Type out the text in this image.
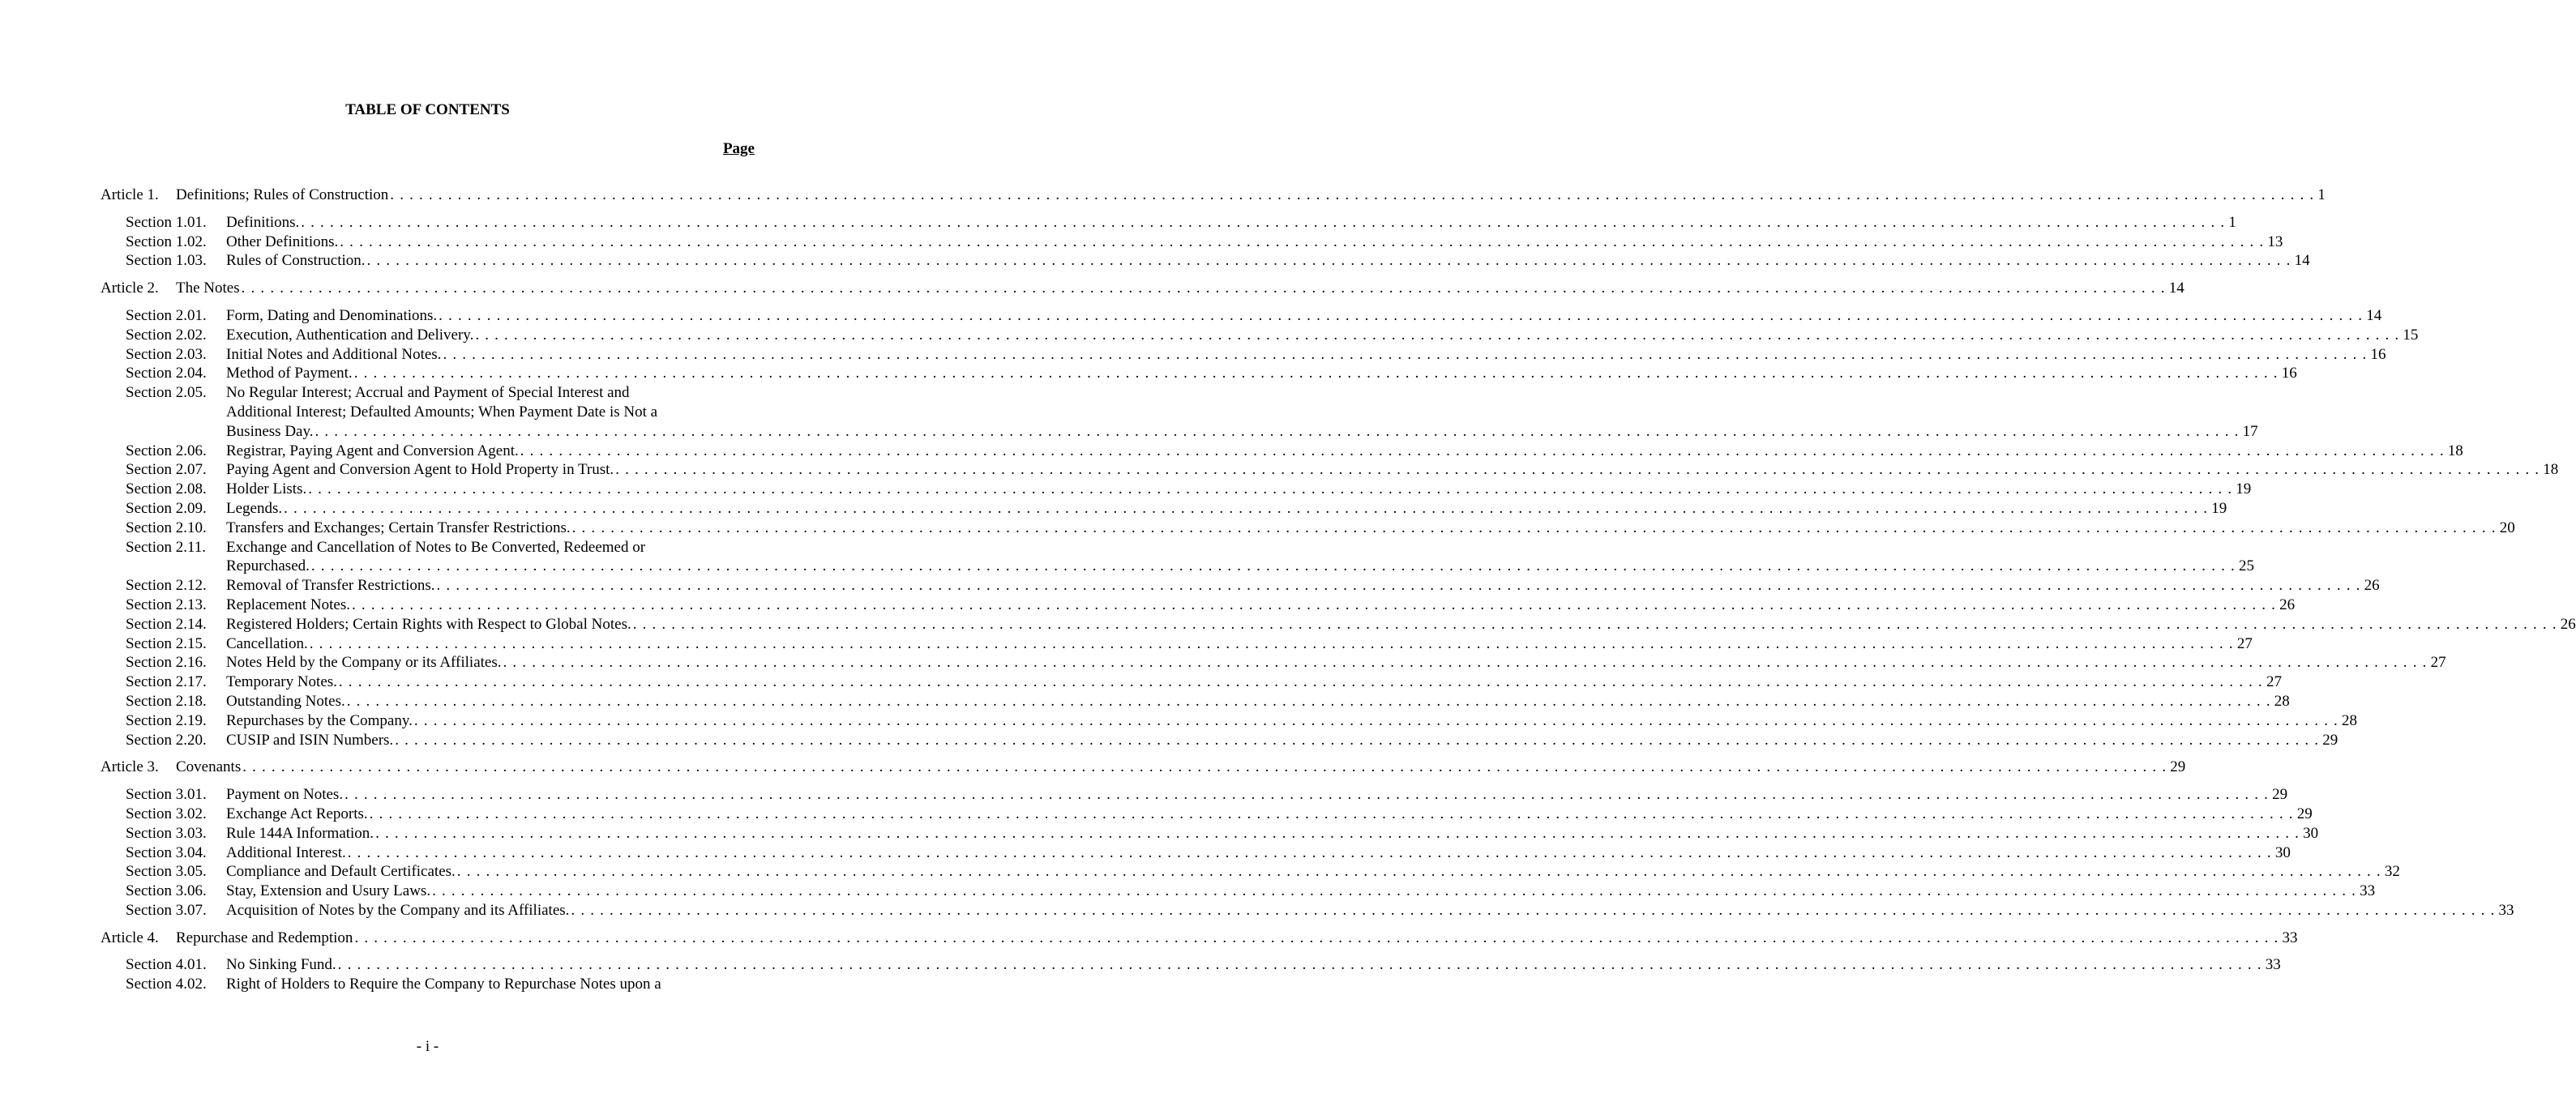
TABLE OF CONTENTS
Page
Article 1.	Definitions; Rules of Construction . . . . . . . . . . . . . . . . . . . . . . . . . . . . . . . . . . . . . . . . . . . . . . . . . . . . . . . . . . . . . . . . . . . . . . . . . . . . . . . . . . . . . . . . . . . . . . . . . . . . . . . . . . . . . . . . . . . . . . . . . . . . . . . . . . . . . . . . . . . . . . . . . . . . . . . . . . . . . . . . . . . . . . . . . . . . . . . . . . . . . . . . . . . . . . . . . . . . . . . . 1
Section 1.01.	Definitions. . . . . . . . . . . . . . . . . . . . . . . . . . . . . . . . . . . . . . . . . . . . . . . . . . . . . . . . . . . . . . . . . . . . . . . . . . . . . . . . . . . . . . . . . . . . . . . . . . . . . . . . . . . . . . . . . . . . . . . . . . . . . . . . . . . . . . . . . . . . . . . . . . . . . . . . . . . . . . . . . . . . . . . . . . . . . . . . . . . . . . . . . . . . . . . . . . . . . . . . . 1
Section 1.02.	Other Definitions. . . . . . . . . . . . . . . . . . . . . . . . . . . . . . . . . . . . . . . . . . . . . . . . . . . . . . . . . . . . . . . . . . . . . . . . . . . . . . . . . . . . . . . . . . . . . . . . . . . . . . . . . . . . . . . . . . . . . . . . . . . . . . . . . . . . . . . . . . . . . . . . . . . . . . . . . . . . . . . . . . . . . . . . . . . . . . . . . . . . . . . . . . . . . . . . . . . . . . . . . 13
Section 1.03.	Rules of Construction. . . . . . . . . . . . . . . . . . . . . . . . . . . . . . . . . . . . . . . . . . . . . . . . . . . . . . . . . . . . . . . . . . . . . . . . . . . . . . . . . . . . . . . . . . . . . . . . . . . . . . . . . . . . . . . . . . . . . . . . . . . . . . . . . . . . . . . . . . . . . . . . . . . . . . . . . . . . . . . . . . . . . . . . . . . . . . . . . . . . . . . . . . . . . . . . . . . . . . . . . 14
Article 2.	The Notes . . . . . . . . . . . . . . . . . . . . . . . . . . . . . . . . . . . . . . . . . . . . . . . . . . . . . . . . . . . . . . . . . . . . . . . . . . . . . . . . . . . . . . . . . . . . . . . . . . . . . . . . . . . . . . . . . . . . . . . . . . . . . . . . . . . . . . . . . . . . . . . . . . . . . . . . . . . . . . . . . . . . . . . . . . . . . . . . . . . . . . . . . . . . . . . . . . . . . . . . 14
Section 2.01.	Form, Dating and Denominations. . . . . . . . . . . . . . . . . . . . . . . . . . . . . . . . . . . . . . . . . . . . . . . . . . . . . . . . . . . . . . . . . . . . . . . . . . . . . . . . . . . . . . . . . . . . . . . . . . . . . . . . . . . . . . . . . . . . . . . . . . . . . . . . . . . . . . . . . . . . . . . . . . . . . . . . . . . . . . . . . . . . . . . . . . . . . . . . . . . . . . . . . . . . . . . . . . . . . . . . . 14
Section 2.02.	Execution, Authentication and Delivery. . . . . . . . . . . . . . . . . . . . . . . . . . . . . . . . . . . . . . . . . . . . . . . . . . . . . . . . . . . . . . . . . . . . . . . . . . . . . . . . . . . . . . . . . . . . . . . . . . . . . . . . . . . . . . . . . . . . . . . . . . . . . . . . . . . . . . . . . . . . . . . . . . . . . . . . . . . . . . . . . . . . . . . . . . . . . . . . . . . . . . . . . . . . . . . . . . . . . . . . . 15
Section 2.03.	Initial Notes and Additional Notes. . . . . . . . . . . . . . . . . . . . . . . . . . . . . . . . . . . . . . . . . . . . . . . . . . . . . . . . . . . . . . . . . . . . . . . . . . . . . . . . . . . . . . . . . . . . . . . . . . . . . . . . . . . . . . . . . . . . . . . . . . . . . . . . . . . . . . . . . . . . . . . . . . . . . . . . . . . . . . . . . . . . . . . . . . . . . . . . . . . . . . . . . . . . . . . . . . . . . . . . . 16
Section 2.04.	Method of Payment. . . . . . . . . . . . . . . . . . . . . . . . . . . . . . . . . . . . . . . . . . . . . . . . . . . . . . . . . . . . . . . . . . . . . . . . . . . . . . . . . . . . . . . . . . . . . . . . . . . . . . . . . . . . . . . . . . . . . . . . . . . . . . . . . . . . . . . . . . . . . . . . . . . . . . . . . . . . . . . . . . . . . . . . . . . . . . . . . . . . . . . . . . . . . . . . . . . . . . . . . 16
Section 2.05.	No Regular Interest; Accrual and Payment of Special Interest and
Additional Interest; Defaulted Amounts; When Payment Date is Not a
Business Day. . . . . . . . . . . . . . . . . . . . . . . . . . . . . . . . . . . . . . . . . . . . . . . . . . . . . . . . . . . . . . . . . . . . . . . . . . . . . . . . . . . . . . . . . . . . . . . . . . . . . . . . . . . . . . . . . . . . . . . . . . . . . . . . . . . . . . . . . . . . . . . . . . . . . . . . . . . . . . . . . . . . . . . . . . . . . . . . . . . . . . . . . . . . . . . . . . . . . . . . . 17
Section 2.06.	Registrar, Paying Agent and Conversion Agent. . . . . . . . . . . . . . . . . . . . . . . . . . . . . . . . . . . . . . . . . . . . . . . . . . . . . . . . . . . . . . . . . . . . . . . . . . . . . . . . . . . . . . . . . . . . . . . . . . . . . . . . . . . . . . . . . . . . . . . . . . . . . . . . . . . . . . . . . . . . . . . . . . . . . . . . . . . . . . . . . . . . . . . . . . . . . . . . . . . . . . . . . . . . . . . . . . . . . . . . . 18
Section 2.07.	Paying Agent and Conversion Agent to Hold Property in Trust. . . . . . . . . . . . . . . . . . . . . . . . . . . . . . . . . . . . . . . . . . . . . . . . . . . . . . . . . . . . . . . . . . . . . . . . . . . . . . . . . . . . . . . . . . . . . . . . . . . . . . . . . . . . . . . . . . . . . . . . . . . . . . . . . . . . . . . . . . . . . . . . . . . . . . . . . . . . . . . . . . . . . . . . . . . . . . . . . . . . . . . . . . . . . . . . . . . . . . . . . 18
Section 2.08.	Holder Lists. . . . . . . . . . . . . . . . . . . . . . . . . . . . . . . . . . . . . . . . . . . . . . . . . . . . . . . . . . . . . . . . . . . . . . . . . . . . . . . . . . . . . . . . . . . . . . . . . . . . . . . . . . . . . . . . . . . . . . . . . . . . . . . . . . . . . . . . . . . . . . . . . . . . . . . . . . . . . . . . . . . . . . . . . . . . . . . . . . . . . . . . . . . . . . . . . . . . . . . . . 19
Section 2.09.	Legends. . . . . . . . . . . . . . . . . . . . . . . . . . . . . . . . . . . . . . . . . . . . . . . . . . . . . . . . . . . . . . . . . . . . . . . . . . . . . . . . . . . . . . . . . . . . . . . . . . . . . . . . . . . . . . . . . . . . . . . . . . . . . . . . . . . . . . . . . . . . . . . . . . . . . . . . . . . . . . . . . . . . . . . . . . . . . . . . . . . . . . . . . . . . . . . . . . . . . . . . . 19
Section 2.10.	Transfers and Exchanges; Certain Transfer Restrictions. . . . . . . . . . . . . . . . . . . . . . . . . . . . . . . . . . . . . . . . . . . . . . . . . . . . . . . . . . . . . . . . . . . . . . . . . . . . . . . . . . . . . . . . . . . . . . . . . . . . . . . . . . . . . . . . . . . . . . . . . . . . . . . . . . . . . . . . . . . . . . . . . . . . . . . . . . . . . . . . . . . . . . . . . . . . . . . . . . . . . . . . . . . . . . . . . . . . . . . . . 20
Section 2.11.	Exchange and Cancellation of Notes to Be Converted, Redeemed or
Repurchased. . . . . . . . . . . . . . . . . . . . . . . . . . . . . . . . . . . . . . . . . . . . . . . . . . . . . . . . . . . . . . . . . . . . . . . . . . . . . . . . . . . . . . . . . . . . . . . . . . . . . . . . . . . . . . . . . . . . . . . . . . . . . . . . . . . . . . . . . . . . . . . . . . . . . . . . . . . . . . . . . . . . . . . . . . . . . . . . . . . . . . . . . . . . . . . . . . . . . . . . . 25
Section 2.12.	Removal of Transfer Restrictions. . . . . . . . . . . . . . . . . . . . . . . . . . . . . . . . . . . . . . . . . . . . . . . . . . . . . . . . . . . . . . . . . . . . . . . . . . . . . . . . . . . . . . . . . . . . . . . . . . . . . . . . . . . . . . . . . . . . . . . . . . . . . . . . . . . . . . . . . . . . . . . . . . . . . . . . . . . . . . . . . . . . . . . . . . . . . . . . . . . . . . . . . . . . . . . . . . . . . . . . . 26
Section 2.13.	Replacement Notes. . . . . . . . . . . . . . . . . . . . . . . . . . . . . . . . . . . . . . . . . . . . . . . . . . . . . . . . . . . . . . . . . . . . . . . . . . . . . . . . . . . . . . . . . . . . . . . . . . . . . . . . . . . . . . . . . . . . . . . . . . . . . . . . . . . . . . . . . . . . . . . . . . . . . . . . . . . . . . . . . . . . . . . . . . . . . . . . . . . . . . . . . . . . . . . . . . . . . . . . . 26
Section 2.14.	Registered Holders; Certain Rights with Respect to Global Notes. . . . . . . . . . . . . . . . . . . . . . . . . . . . . . . . . . . . . . . . . . . . . . . . . . . . . . . . . . . . . . . . . . . . . . . . . . . . . . . . . . . . . . . . . . . . . . . . . . . . . . . . . . . . . . . . . . . . . . . . . . . . . . . . . . . . . . . . . . . . . . . . . . . . . . . . . . . . . . . . . . . . . . . . . . . . . . . . . . . . . . . . . . . . . . . . . . . . . . . . . 26
Section 2.15.	Cancellation. . . . . . . . . . . . . . . . . . . . . . . . . . . . . . . . . . . . . . . . . . . . . . . . . . . . . . . . . . . . . . . . . . . . . . . . . . . . . . . . . . . . . . . . . . . . . . . . . . . . . . . . . . . . . . . . . . . . . . . . . . . . . . . . . . . . . . . . . . . . . . . . . . . . . . . . . . . . . . . . . . . . . . . . . . . . . . . . . . . . . . . . . . . . . . . . . . . . . . . . . 27
Section 2.16.	Notes Held by the Company or its Affiliates. . . . . . . . . . . . . . . . . . . . . . . . . . . . . . . . . . . . . . . . . . . . . . . . . . . . . . . . . . . . . . . . . . . . . . . . . . . . . . . . . . . . . . . . . . . . . . . . . . . . . . . . . . . . . . . . . . . . . . . . . . . . . . . . . . . . . . . . . . . . . . . . . . . . . . . . . . . . . . . . . . . . . . . . . . . . . . . . . . . . . . . . . . . . . . . . . . . . . . . . . 27
Section 2.17.	Temporary Notes. . . . . . . . . . . . . . . . . . . . . . . . . . . . . . . . . . . . . . . . . . . . . . . . . . . . . . . . . . . . . . . . . . . . . . . . . . . . . . . . . . . . . . . . . . . . . . . . . . . . . . . . . . . . . . . . . . . . . . . . . . . . . . . . . . . . . . . . . . . . . . . . . . . . . . . . . . . . . . . . . . . . . . . . . . . . . . . . . . . . . . . . . . . . . . . . . . . . . . . . . 27
Section 2.18.	Outstanding Notes. . . . . . . . . . . . . . . . . . . . . . . . . . . . . . . . . . . . . . . . . . . . . . . . . . . . . . . . . . . . . . . . . . . . . . . . . . . . . . . . . . . . . . . . . . . . . . . . . . . . . . . . . . . . . . . . . . . . . . . . . . . . . . . . . . . . . . . . . . . . . . . . . . . . . . . . . . . . . . . . . . . . . . . . . . . . . . . . . . . . . . . . . . . . . . . . . . . . . . . . . 28
Section 2.19.	Repurchases by the Company. . . . . . . . . . . . . . . . . . . . . . . . . . . . . . . . . . . . . . . . . . . . . . . . . . . . . . . . . . . . . . . . . . . . . . . . . . . . . . . . . . . . . . . . . . . . . . . . . . . . . . . . . . . . . . . . . . . . . . . . . . . . . . . . . . . . . . . . . . . . . . . . . . . . . . . . . . . . . . . . . . . . . . . . . . . . . . . . . . . . . . . . . . . . . . . . . . . . . . . . . 28
Section 2.20.	CUSIP and ISIN Numbers. . . . . . . . . . . . . . . . . . . . . . . . . . . . . . . . . . . . . . . . . . . . . . . . . . . . . . . . . . . . . . . . . . . . . . . . . . . . . . . . . . . . . . . . . . . . . . . . . . . . . . . . . . . . . . . . . . . . . . . . . . . . . . . . . . . . . . . . . . . . . . . . . . . . . . . . . . . . . . . . . . . . . . . . . . . . . . . . . . . . . . . . . . . . . . . . . . . . . . . . . 29
Article 3.	Covenants . . . . . . . . . . . . . . . . . . . . . . . . . . . . . . . . . . . . . . . . . . . . . . . . . . . . . . . . . . . . . . . . . . . . . . . . . . . . . . . . . . . . . . . . . . . . . . . . . . . . . . . . . . . . . . . . . . . . . . . . . . . . . . . . . . . . . . . . . . . . . . . . . . . . . . . . . . . . . . . . . . . . . . . . . . . . . . . . . . . . . . . . . . . . . . . . . . . . . . . . 29
Section 3.01.	Payment on Notes. . . . . . . . . . . . . . . . . . . . . . . . . . . . . . . . . . . . . . . . . . . . . . . . . . . . . . . . . . . . . . . . . . . . . . . . . . . . . . . . . . . . . . . . . . . . . . . . . . . . . . . . . . . . . . . . . . . . . . . . . . . . . . . . . . . . . . . . . . . . . . . . . . . . . . . . . . . . . . . . . . . . . . . . . . . . . . . . . . . . . . . . . . . . . . . . . . . . . . . . . 29
Section 3.02.	Exchange Act Reports. . . . . . . . . . . . . . . . . . . . . . . . . . . . . . . . . . . . . . . . . . . . . . . . . . . . . . . . . . . . . . . . . . . . . . . . . . . . . . . . . . . . . . . . . . . . . . . . . . . . . . . . . . . . . . . . . . . . . . . . . . . . . . . . . . . . . . . . . . . . . . . . . . . . . . . . . . . . . . . . . . . . . . . . . . . . . . . . . . . . . . . . . . . . . . . . . . . . . . . . . 29
Section 3.03.	Rule 144A Information. . . . . . . . . . . . . . . . . . . . . . . . . . . . . . . . . . . . . . . . . . . . . . . . . . . . . . . . . . . . . . . . . . . . . . . . . . . . . . . . . . . . . . . . . . . . . . . . . . . . . . . . . . . . . . . . . . . . . . . . . . . . . . . . . . . . . . . . . . . . . . . . . . . . . . . . . . . . . . . . . . . . . . . . . . . . . . . . . . . . . . . . . . . . . . . . . . . . . . . . . 30
Section 3.04.	Additional Interest. . . . . . . . . . . . . . . . . . . . . . . . . . . . . . . . . . . . . . . . . . . . . . . . . . . . . . . . . . . . . . . . . . . . . . . . . . . . . . . . . . . . . . . . . . . . . . . . . . . . . . . . . . . . . . . . . . . . . . . . . . . . . . . . . . . . . . . . . . . . . . . . . . . . . . . . . . . . . . . . . . . . . . . . . . . . . . . . . . . . . . . . . . . . . . . . . . . . . . . . . 30
Section 3.05.	Compliance and Default Certificates. . . . . . . . . . . . . . . . . . . . . . . . . . . . . . . . . . . . . . . . . . . . . . . . . . . . . . . . . . . . . . . . . . . . . . . . . . . . . . . . . . . . . . . . . . . . . . . . . . . . . . . . . . . . . . . . . . . . . . . . . . . . . . . . . . . . . . . . . . . . . . . . . . . . . . . . . . . . . . . . . . . . . . . . . . . . . . . . . . . . . . . . . . . . . . . . . . . . . . . . . 32
Section 3.06.	Stay, Extension and Usury Laws. . . . . . . . . . . . . . . . . . . . . . . . . . . . . . . . . . . . . . . . . . . . . . . . . . . . . . . . . . . . . . . . . . . . . . . . . . . . . . . . . . . . . . . . . . . . . . . . . . . . . . . . . . . . . . . . . . . . . . . . . . . . . . . . . . . . . . . . . . . . . . . . . . . . . . . . . . . . . . . . . . . . . . . . . . . . . . . . . . . . . . . . . . . . . . . . . . . . . . . . . 33
Section 3.07.	Acquisition of Notes by the Company and its Affiliates. . . . . . . . . . . . . . . . . . . . . . . . . . . . . . . . . . . . . . . . . . . . . . . . . . . . . . . . . . . . . . . . . . . . . . . . . . . . . . . . . . . . . . . . . . . . . . . . . . . . . . . . . . . . . . . . . . . . . . . . . . . . . . . . . . . . . . . . . . . . . . . . . . . . . . . . . . . . . . . . . . . . . . . . . . . . . . . . . . . . . . . . . . . . . . . . . . . . . . . . . 33
Article 4.	Repurchase and Redemption . . . . . . . . . . . . . . . . . . . . . . . . . . . . . . . . . . . . . . . . . . . . . . . . . . . . . . . . . . . . . . . . . . . . . . . . . . . . . . . . . . . . . . . . . . . . . . . . . . . . . . . . . . . . . . . . . . . . . . . . . . . . . . . . . . . . . . . . . . . . . . . . . . . . . . . . . . . . . . . . . . . . . . . . . . . . . . . . . . . . . . . . . . . . . . . . . . . . . . . . 33
Section 4.01.	No Sinking Fund. . . . . . . . . . . . . . . . . . . . . . . . . . . . . . . . . . . . . . . . . . . . . . . . . . . . . . . . . . . . . . . . . . . . . . . . . . . . . . . . . . . . . . . . . . . . . . . . . . . . . . . . . . . . . . . . . . . . . . . . . . . . . . . . . . . . . . . . . . . . . . . . . . . . . . . . . . . . . . . . . . . . . . . . . . . . . . . . . . . . . . . . . . . . . . . . . . . . . . . . . 33
Section 4.02.	Right of Holders to Require the Company to Repurchase Notes upon a
- i -
